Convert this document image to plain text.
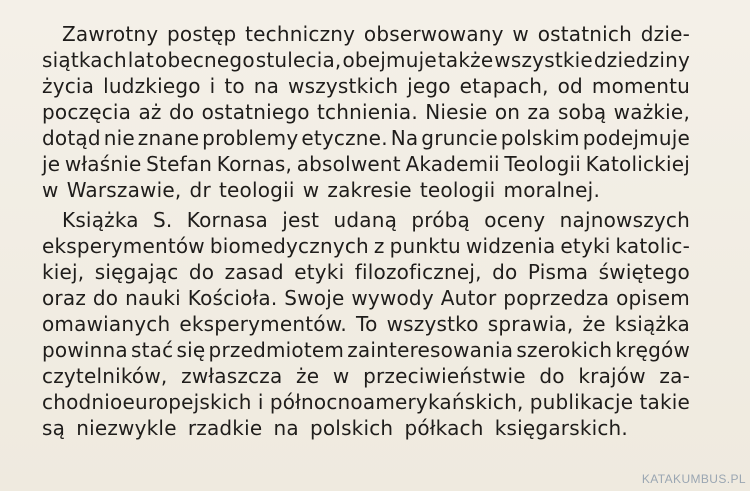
Zawrotny postęp techniczny obserwowany w ostatnich dzie-
siątkach lat obecnego stulecia, obejmuje także wszystkie dziedziny
życia ludzkiego i to na wszystkich jego etapach, od momentu
poczęcia aż do ostatniego tchnienia. Niesie on za sobą ważkie,
dotąd nie znane problemy etyczne. Na gruncie polskim podejmuje
je właśnie Stefan Kornas, absolwent Akademii Teologii Katolickiej
w Warszawie, dr teologii w zakresie teologii moralnej.
Książka S. Kornasa jest udaną próbą oceny najnowszych
eksperymentów biomedycznych z punktu widzenia etyki katolic-
kiej, sięgając do zasad etyki filozoficznej, do Pisma świętego
oraz do nauki Kościoła. Swoje wywody Autor poprzedza opisem
omawianych eksperymentów. To wszystko sprawia, że książka
powinna stać się przedmiotem zainteresowania szerokich kręgów
czytelników, zwłaszcza że w przeciwieństwie do krajów za-
chodnioeuropejskich i północnoamerykańskich, publikacje takie
są niezwykle rzadkie na polskich półkach księgarskich.
KATAKUMBUS.PL
